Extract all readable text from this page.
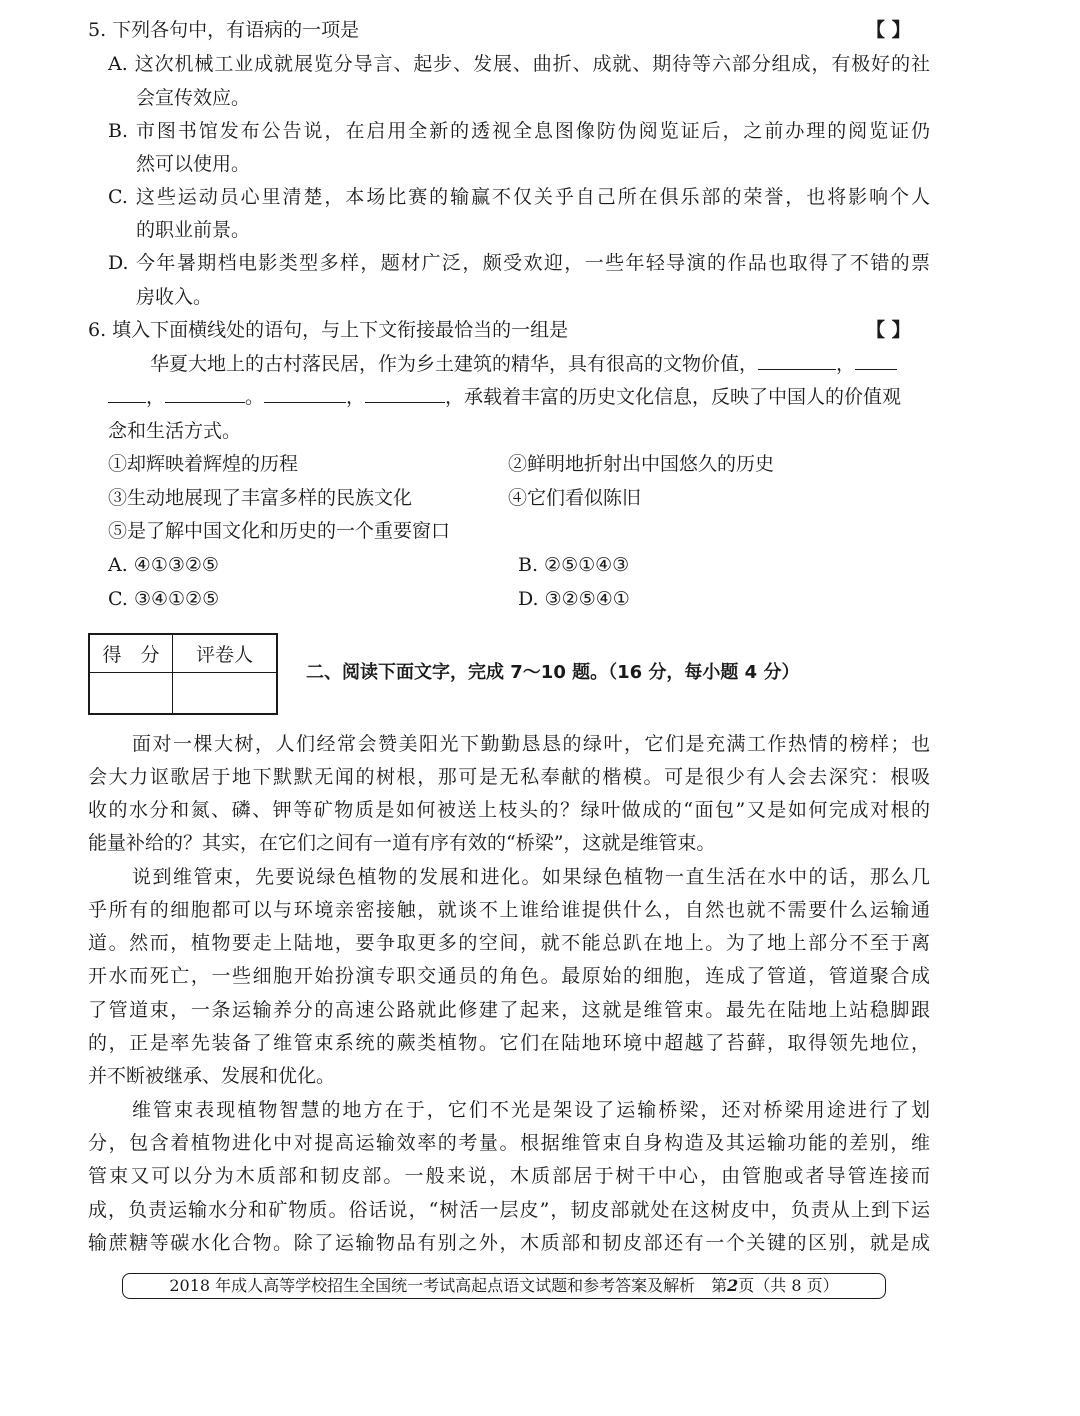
5. 下列各句中，有语病的一项是	【 】
A. 这次机械工业成就展览分导言、起步、发展、曲折、成就、期待等六部分组成，有极好的社
会宣传效应。
B. 市图书馆发布公告说，在启用全新的透视全息图像防伪阅览证后，之前办理的阅览证仍
然可以使用。
C. 这些运动员心里清楚，本场比赛的输赢不仅关乎自己所在俱乐部的荣誉，也将影响个人
的职业前景。
D. 今年暑期档电影类型多样，题材广泛，颇受欢迎，一些年轻导演的作品也取得了不错的票
房收入。
6. 填入下面横线处的语句，与上下文衔接最恰当的一组是	【 】
华夏大地上的古村落民居，作为乡土建筑的精华，具有很高的文物价值，	，
，	。	，	，承载着丰富的历史文化信息，反映了中国人的价值观
念和生活方式。
①却辉映着辉煌的历程	②鲜明地折射出中国悠久的历史
③生动地展现了丰富多样的民族文化	④它们看似陈旧
⑤是了解中国文化和历史的一个重要窗口
A. ④①③②⑤	B. ②⑤①④③
C. ③④①②⑤	D. ③②⑤④①
得　分	评卷人
二、阅读下面文字，完成 7～10 题。（16 分，每小题 4 分）
面对一棵大树，人们经常会赞美阳光下勤勤恳恳的绿叶，它们是充满工作热情的榜样；也
会大力讴歌居于地下默默无闻的树根，那可是无私奉献的楷模。可是很少有人会去深究：根吸
收的水分和氮、磷、钾等矿物质是如何被送上枝头的？绿叶做成的“面包”又是如何完成对根的
能量补给的？其实，在它们之间有一道有序有效的“桥梁”，这就是维管束。
说到维管束，先要说绿色植物的发展和进化。如果绿色植物一直生活在水中的话，那么几
乎所有的细胞都可以与环境亲密接触，就谈不上谁给谁提供什么，自然也就不需要什么运输通
道。然而，植物要走上陆地，要争取更多的空间，就不能总趴在地上。为了地上部分不至于离
开水而死亡，一些细胞开始扮演专职交通员的角色。最原始的细胞，连成了管道，管道聚合成
了管道束，一条运输养分的高速公路就此修建了起来，这就是维管束。最先在陆地上站稳脚跟
的，正是率先装备了维管束系统的蕨类植物。它们在陆地环境中超越了苔藓，取得领先地位，
并不断被继承、发展和优化。
维管束表现植物智慧的地方在于，它们不光是架设了运输桥梁，还对桥梁用途进行了划
分，包含着植物进化中对提高运输效率的考量。根据维管束自身构造及其运输功能的差别，维
管束又可以分为木质部和韧皮部。一般来说，木质部居于树干中心，由管胞或者导管连接而
成，负责运输水分和矿物质。俗话说，“树活一层皮”，韧皮部就处在这树皮中，负责从上到下运
输蔗糖等碳水化合物。除了运输物品有别之外，木质部和韧皮部还有一个关键的区别，就是成
2018 年成人高等学校招生全国统一考试高起点语文试题和参考答案及解析　第2页（共 8 页）
